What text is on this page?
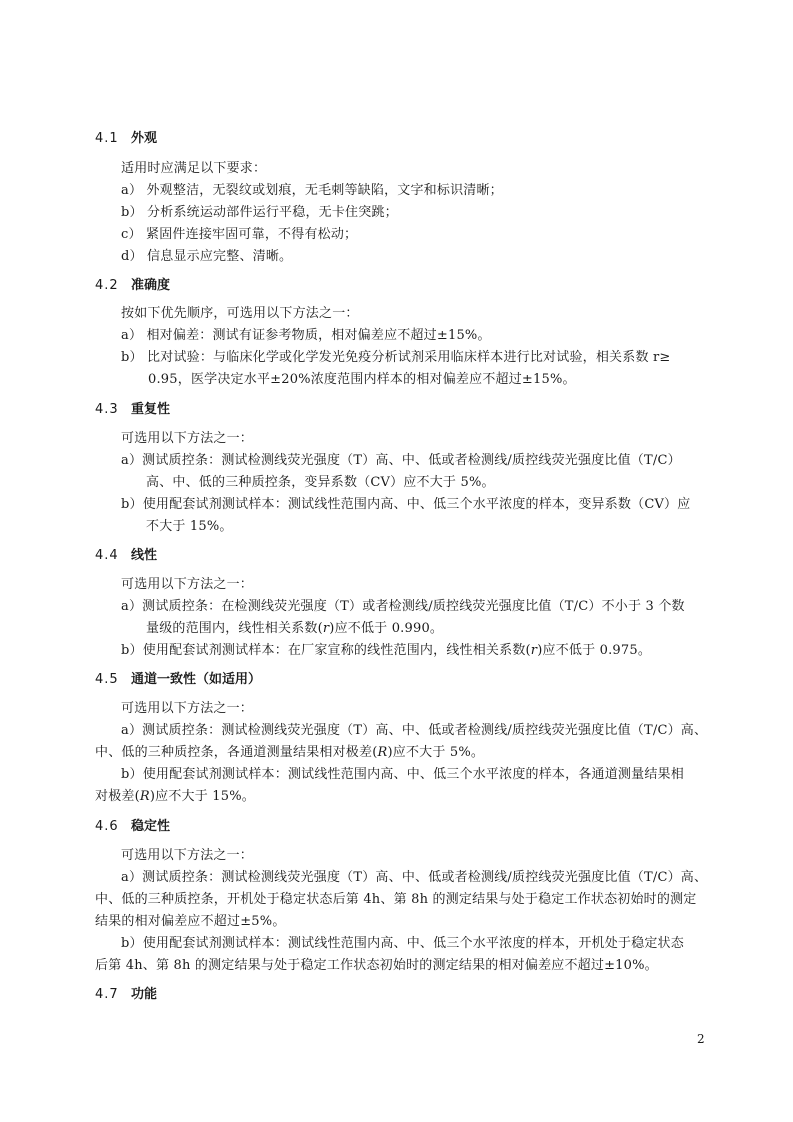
4.1 外观
适用时应满足以下要求：
a） 外观整洁，无裂纹或划痕，无毛刺等缺陷，文字和标识清晰；
b） 分析系统运动部件运行平稳，无卡住突跳；
c） 紧固件连接牢固可靠，不得有松动；
d） 信息显示应完整、清晰。
4.2 准确度
按如下优先顺序，可选用以下方法之一：
a） 相对偏差：测试有证参考物质，相对偏差应不超过±15%。
b） 比对试验：与临床化学或化学发光免疫分析试剂采用临床样本进行比对试验，相关系数 r≥
0.95，医学决定水平±20%浓度范围内样本的相对偏差应不超过±15%。
4.3 重复性
可选用以下方法之一：
a）测试质控条：测试检测线荧光强度（T）高、中、低或者检测线/质控线荧光强度比值（T/C）
高、中、低的三种质控条，变异系数（CV）应不大于 5%。
b）使用配套试剂测试样本：测试线性范围内高、中、低三个水平浓度的样本，变异系数（CV）应
不大于 15%。
4.4 线性
可选用以下方法之一：
a）测试质控条：在检测线荧光强度（T）或者检测线/质控线荧光强度比值（T/C）不小于 3 个数
量级的范围内，线性相关系数(r)应不低于 0.990。
b）使用配套试剂测试样本：在厂家宣称的线性范围内，线性相关系数(r)应不低于 0.975。
4.5 通道一致性（如适用）
可选用以下方法之一：
a）测试质控条：测试检测线荧光强度（T）高、中、低或者检测线/质控线荧光强度比值（T/C）高、
中、低的三种质控条，各通道测量结果相对极差(R)应不大于 5%。
b）使用配套试剂测试样本：测试线性范围内高、中、低三个水平浓度的样本，各通道测量结果相
对极差(R)应不大于 15%。
4.6 稳定性
可选用以下方法之一：
a）测试质控条：测试检测线荧光强度（T）高、中、低或者检测线/质控线荧光强度比值（T/C）高、
中、低的三种质控条，开机处于稳定状态后第 4h、第 8h 的测定结果与处于稳定工作状态初始时的测定
结果的相对偏差应不超过±5%。
b）使用配套试剂测试样本：测试线性范围内高、中、低三个水平浓度的样本，开机处于稳定状态
后第 4h、第 8h 的测定结果与处于稳定工作状态初始时的测定结果的相对偏差应不超过±10%。
4.7 功能
2
